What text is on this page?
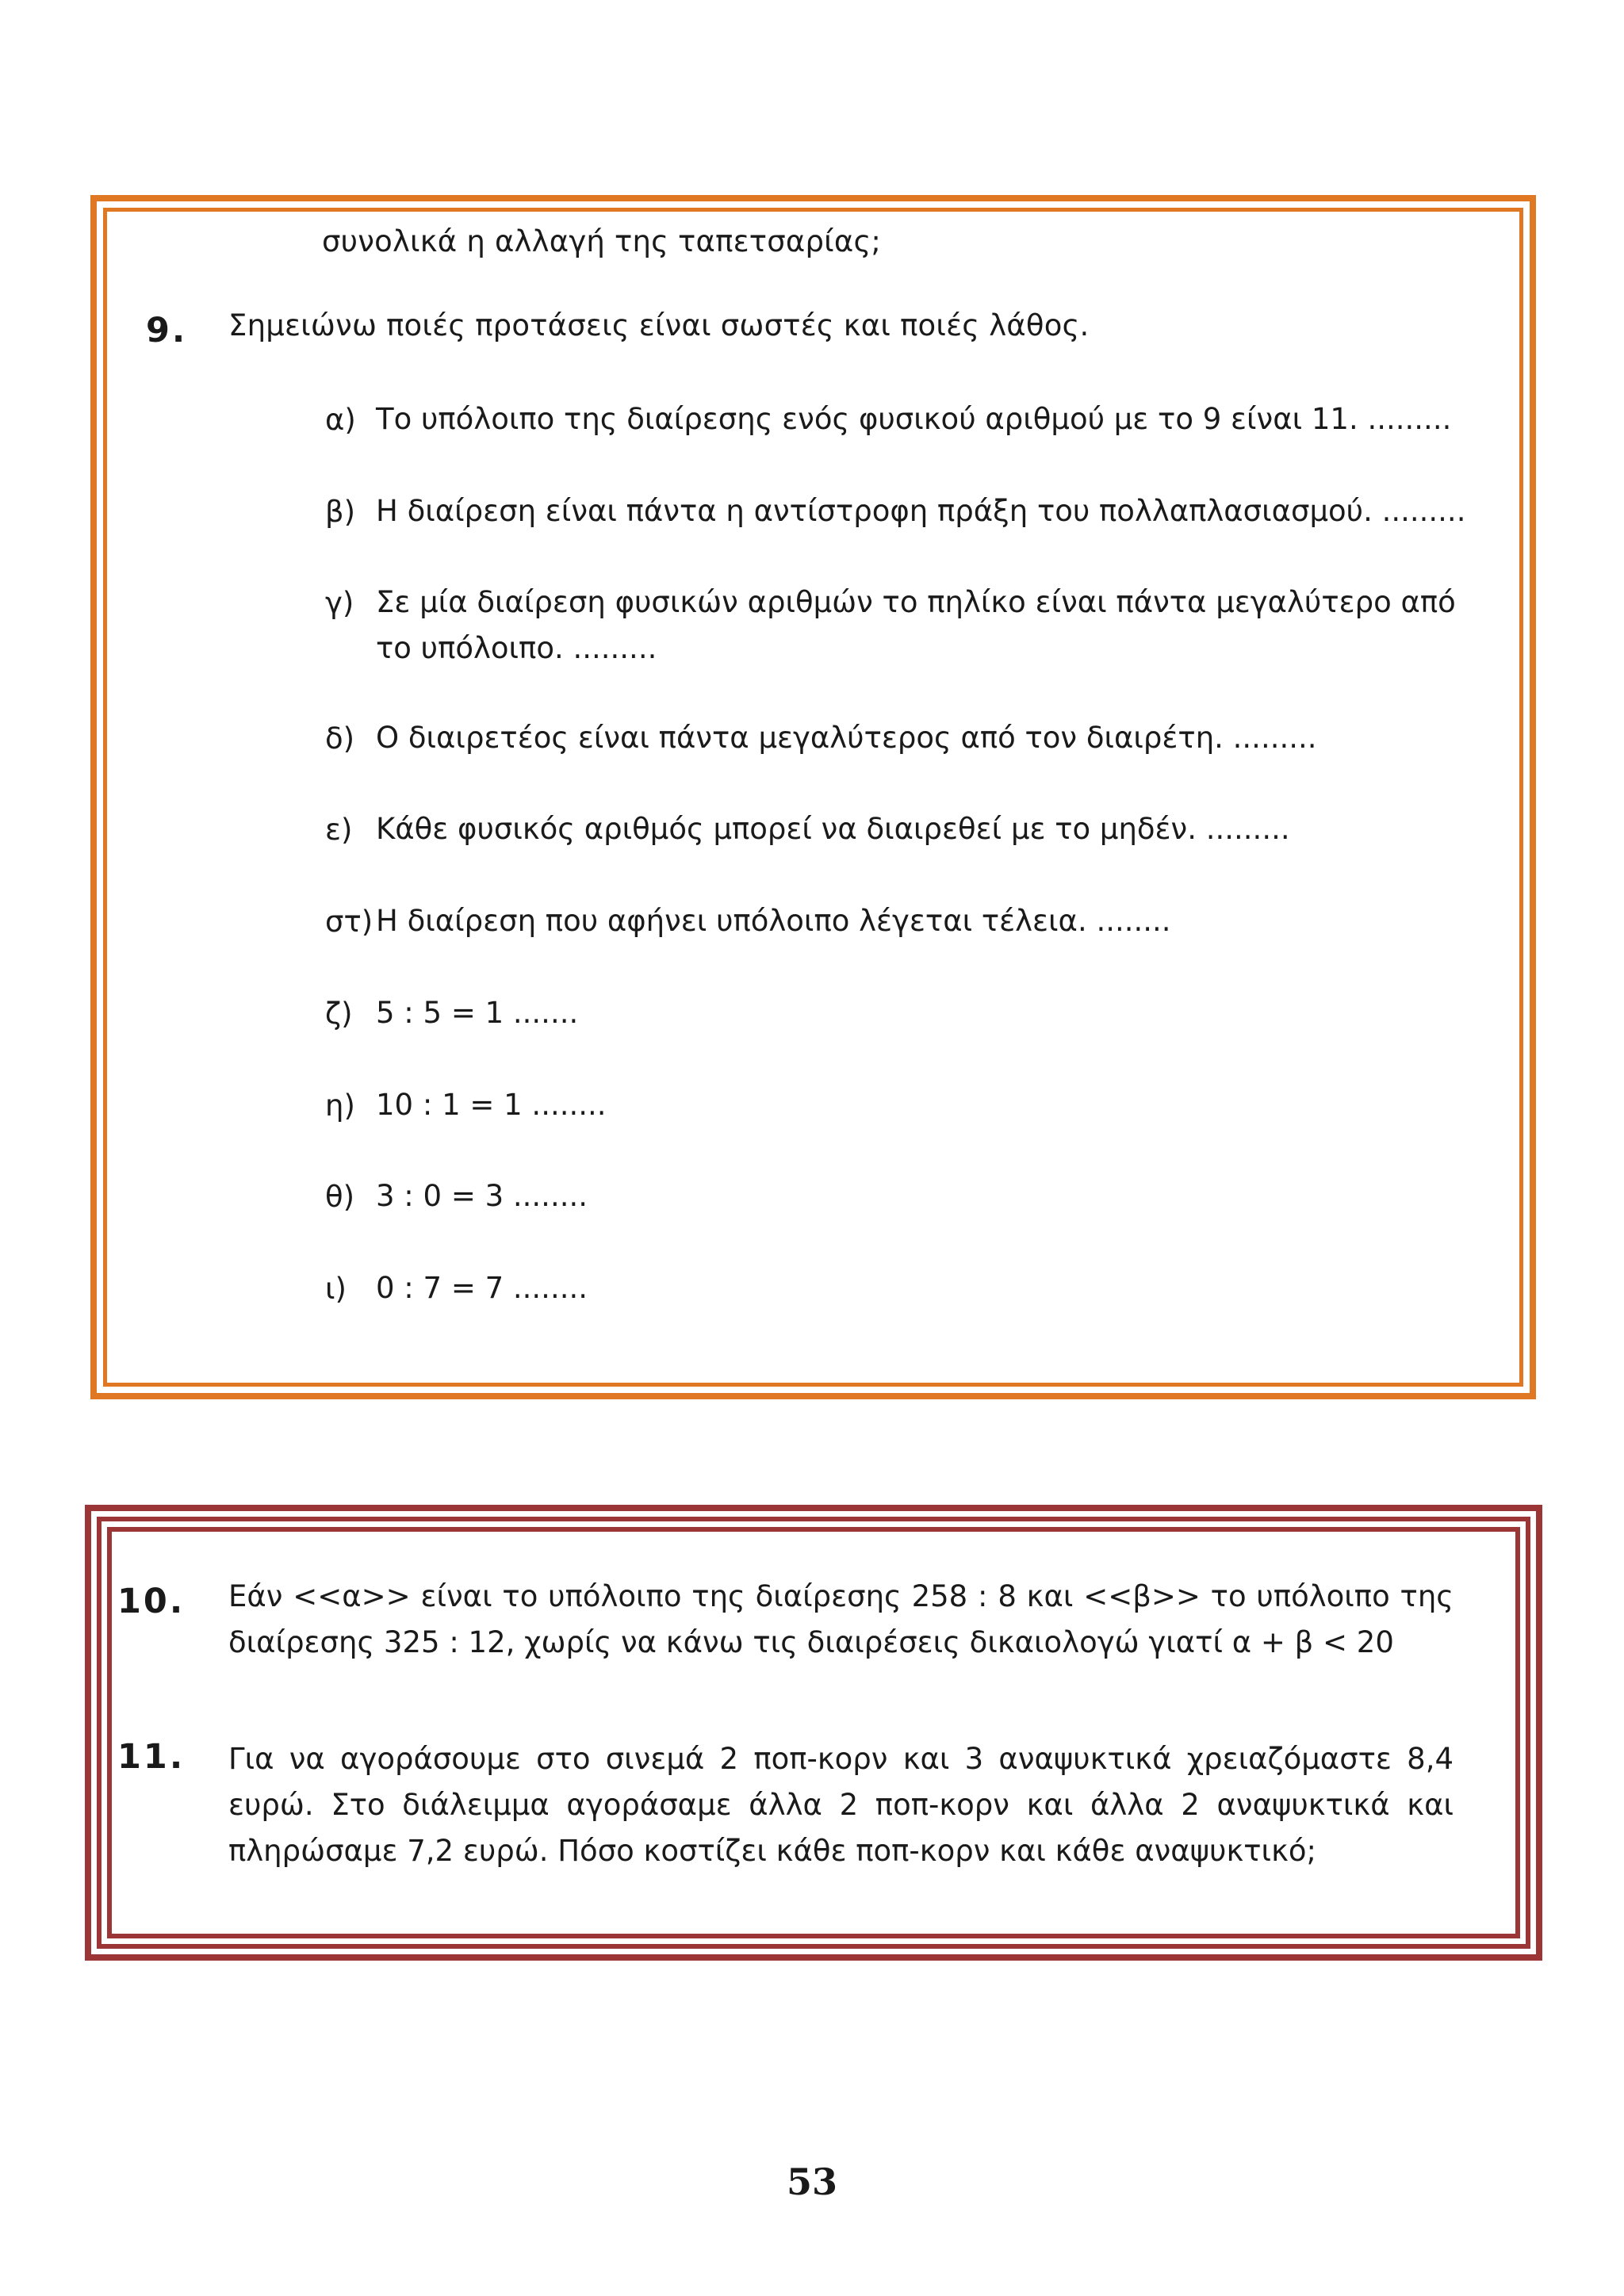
συνολικά η αλλαγή της ταπετσαρίας;
9. Σημειώνω ποιές προτάσεις είναι σωστές και ποιές λάθος.
α) Το υπόλοιπο της διαίρεσης ενός φυσικού αριθμού με το 9 είναι 11. .........
β) Η διαίρεση είναι πάντα η αντίστροφη πράξη του πολλαπλασιασμού. .........
γ) Σε μία διαίρεση φυσικών αριθμών το πηλίκο είναι πάντα μεγαλύτερο από
το υπόλοιπο. .........
δ) Ο διαιρετέος είναι πάντα μεγαλύτερος από τον διαιρέτη. .........
ε) Κάθε φυσικός αριθμός μπορεί να διαιρεθεί με το μηδέν. .........
στ) Η διαίρεση που αφήνει υπόλοιπο λέγεται τέλεια. ........
ζ) 5 : 5 = 1 .......
η) 10 : 1 = 1 ........
θ) 3 : 0 = 3 ........
ι) 0 : 7 = 7 ........
10. Εάν <<α>> είναι το υπόλοιπο της διαίρεσης 258 : 8 και <<β>> το υπόλοιπο της διαίρεσης 325 : 12, χωρίς να κάνω τις διαιρέσεις δικαιολογώ γιατί α + β < 20
11. Για να αγοράσουμε στο σινεμά 2 ποπ-κορν και 3 αναψυκτικά χρειαζόμαστε 8,4 ευρώ. Στο διάλειμμα αγοράσαμε άλλα 2 ποπ-κορν και άλλα 2 αναψυκτικά και πληρώσαμε 7,2 ευρώ. Πόσο κοστίζει κάθε ποπ-κορν και κάθε αναψυκτικό;
53
